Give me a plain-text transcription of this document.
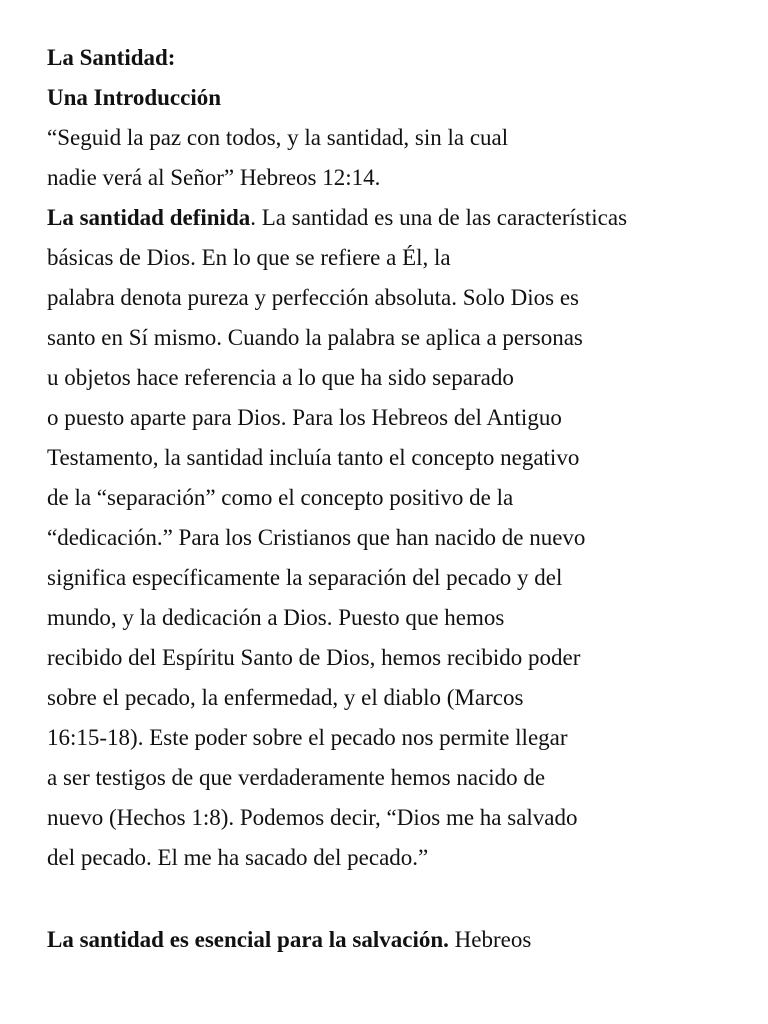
La Santidad:
Una Introducción
“Seguid la paz con todos, y la santidad, sin la cual
nadie verá al Señor” Hebreos 12:14.
La santidad definida. La santidad es una de las características
básicas de Dios. En lo que se refiere a Él, la
palabra denota pureza y perfección absoluta. Solo Dios es
santo en Sí mismo. Cuando la palabra se aplica a personas
u objetos hace referencia a lo que ha sido separado
o puesto aparte para Dios. Para los Hebreos del Antiguo
Testamento, la santidad incluía tanto el concepto negativo
de la “separación” como el concepto positivo de la
“dedicación.” Para los Cristianos que han nacido de nuevo
significa específicamente la separación del pecado y del
mundo, y la dedicación a Dios. Puesto que hemos
recibido del Espíritu Santo de Dios, hemos recibido poder
sobre el pecado, la enfermedad, y el diablo (Marcos
16:15-18). Este poder sobre el pecado nos permite llegar
a ser testigos de que verdaderamente hemos nacido de
nuevo (Hechos 1:8). Podemos decir, “Dios me ha salvado
del pecado. El me ha sacado del pecado.”
La santidad es esencial para la salvación. Hebreos
